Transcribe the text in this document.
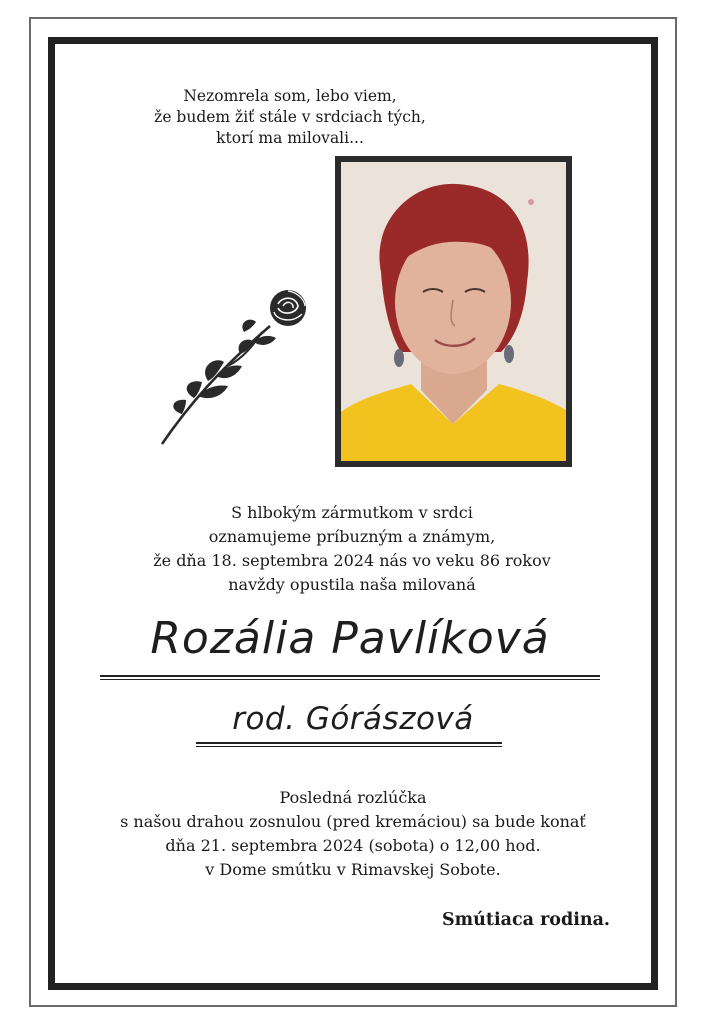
Nezomrela som, lebo viem,
že budem žiť stále v srdciach tých,
ktorí ma milovali...
S hlbokým zármutkom v srdci
oznamujeme príbuzným a známym,
že dňa 18. septembra 2024 nás vo veku 86 rokov
navždy opustila naša milovaná
Rozália Pavlíková
rod. Górászová
Posledná rozlúčka
s našou drahou zosnulou (pred kremáciou) sa bude konať
dňa 21. septembra 2024 (sobota) o 12,00 hod.
v Dome smútku v Rimavskej Sobote.
Smútiaca rodina.
